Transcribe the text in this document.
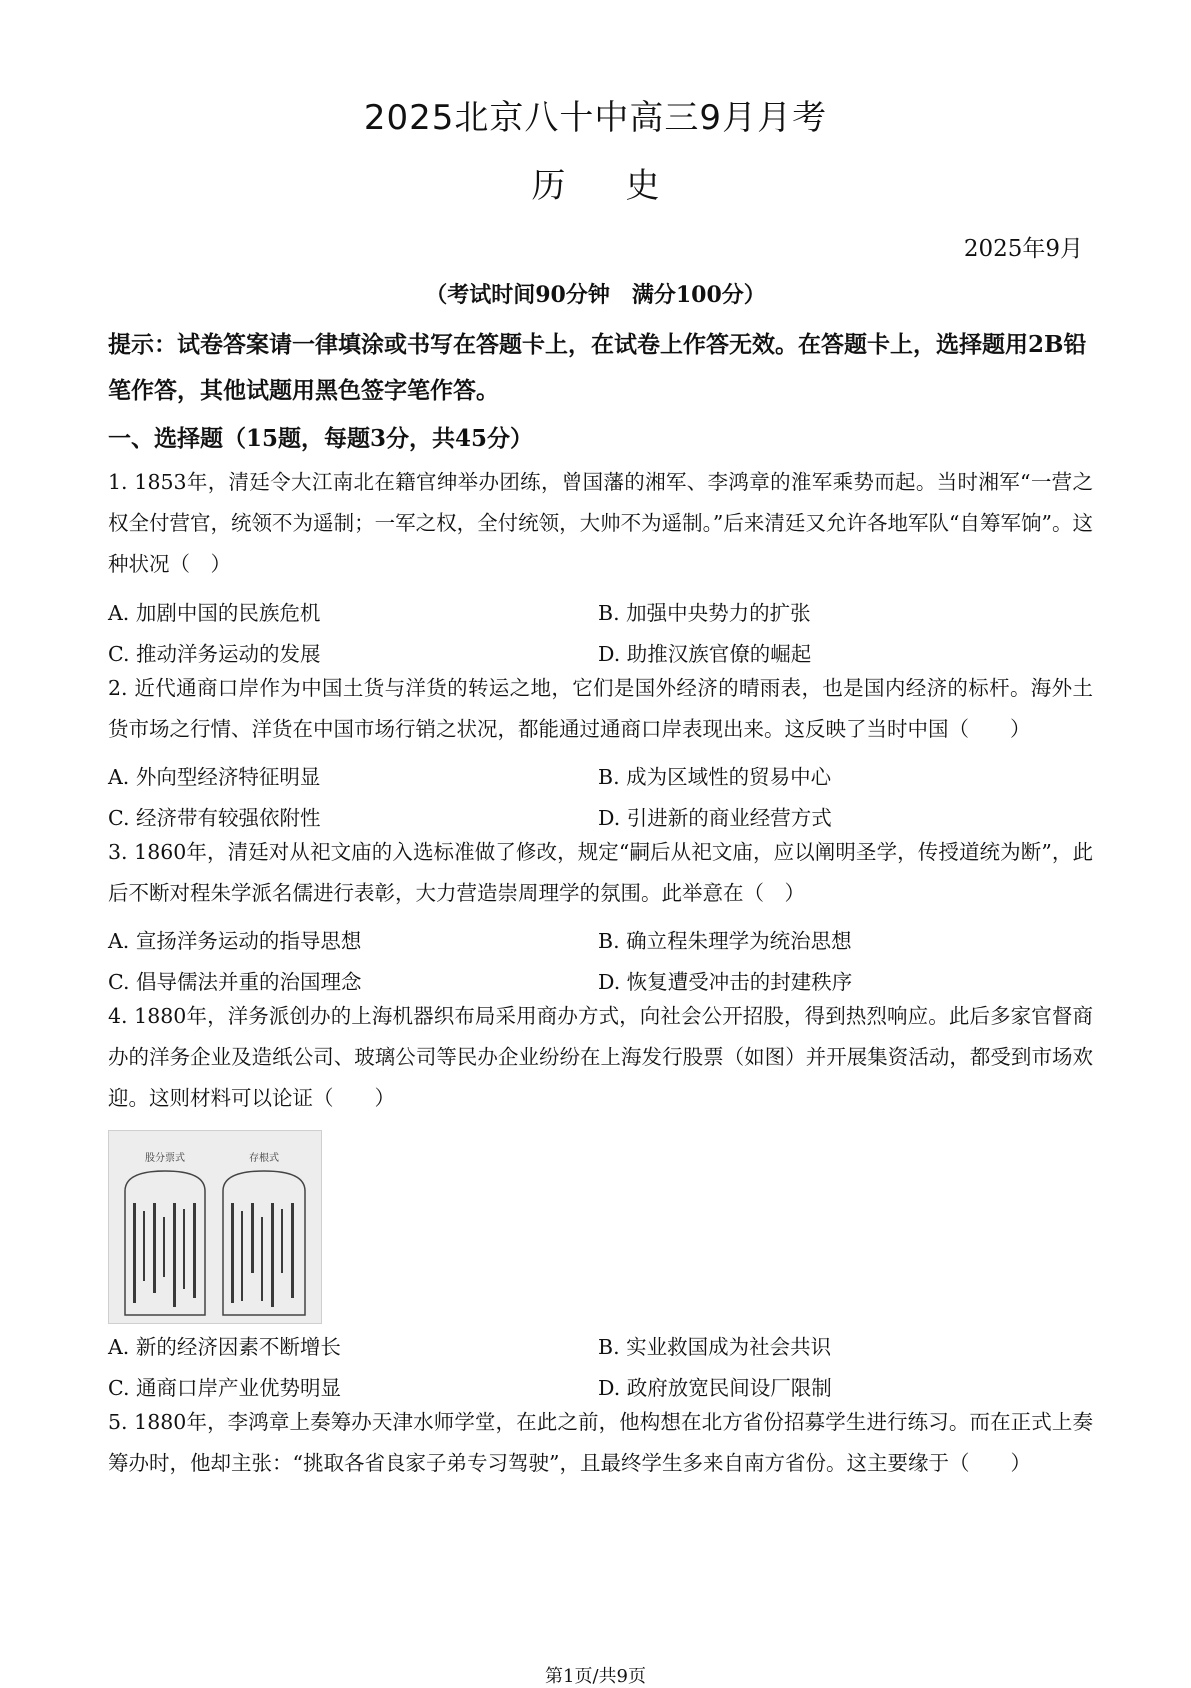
2025北京八十中高三9月月考
历史
2025年9月
（考试时间90分钟　满分100分）
提示：试卷答案请一律填涂或书写在答题卡上，在试卷上作答无效。在答题卡上，选择题用2B铅笔作答，其他试题用黑色签字笔作答。
一、选择题（15题，每题3分，共45分）
1. 1853年，清廷令大江南北在籍官绅举办团练，曾国藩的湘军、李鸿章的淮军乘势而起。当时湘军“一营之权全付营官，统领不为遥制；一军之权，全付统领，大帅不为遥制。”后来清廷又允许各地军队“自筹军饷”。这种状况（　）
A. 加剧中国的民族危机	B. 加强中央势力的扩张
C. 推动洋务运动的发展	D. 助推汉族官僚的崛起
2. 近代通商口岸作为中国土货与洋货的转运之地，它们是国外经济的晴雨表，也是国内经济的标杆。海外土货市场之行情、洋货在中国市场行销之状况，都能通过通商口岸表现出来。这反映了当时中国（　　）
A. 外向型经济特征明显	B. 成为区域性的贸易中心
C. 经济带有较强依附性	D. 引进新的商业经营方式
3. 1860年，清廷对从祀文庙的入选标准做了修改，规定“嗣后从祀文庙，应以阐明圣学，传授道统为断”，此后不断对程朱学派名儒进行表彰，大力营造崇周理学的氛围。此举意在（　）
A. 宣扬洋务运动的指导思想	B. 确立程朱理学为统治思想
C. 倡导儒法并重的治国理念	D. 恢复遭受冲击的封建秩序
4. 1880年，洋务派创办的上海机器织布局采用商办方式，向社会公开招股，得到热烈响应。此后多家官督商办的洋务企业及造纸公司、玻璃公司等民办企业纷纷在上海发行股票（如图）并开展集资活动，都受到市场欢迎。这则材料可以论证（　　）
股分票式	存根式
A. 新的经济因素不断增长	B. 实业救国成为社会共识
C. 通商口岸产业优势明显	D. 政府放宽民间设厂限制
5. 1880年，李鸿章上奏筹办天津水师学堂，在此之前，他构想在北方省份招募学生进行练习。而在正式上奏筹办时，他却主张：“挑取各省良家子弟专习驾驶”，且最终学生多来自南方省份。这主要缘于（　　）
第1页/共9页
